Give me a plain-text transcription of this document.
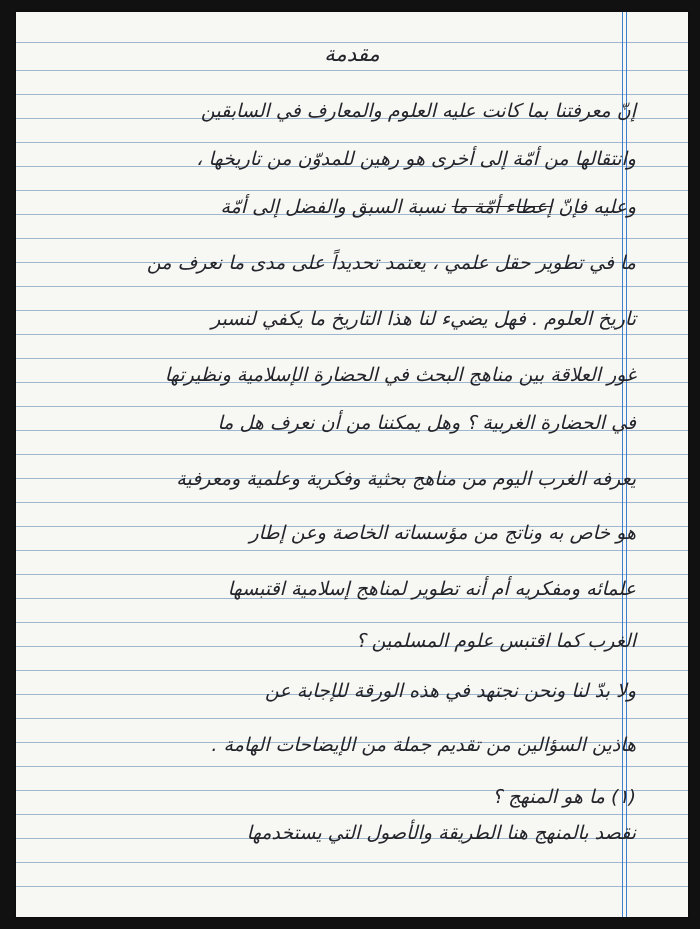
مقدمة
إنّ معرفتنا بما كانت عليه العلوم والمعارف في السابقين
وانتقالها من أمّة إلى أخرى هو رهين للمدوّن من تاريخها ،
وعليه فإنّ إعطاء أمّة ما نسبة السبق والفضل إلى أمّة
ما في تطوير حقل علمي ، يعتمد تحديداً على مدى ما نعرف من
تاريخ العلوم . فهل يضيء لنا هذا التاريخ ما يكفي لنسبر
غور العلاقة بين مناهج البحث في الحضارة الإسلامية ونظيرتها
في الحضارة الغربية ؟ وهل يمكننا من أن نعرف هل ما
يعرفه الغرب اليوم من مناهج بحثية وفكرية وعلمية ومعرفية
هو خاص به وناتج من مؤسساته الخاصة وعن إطار
علمائه ومفكريه أم أنه تطوير لمناهج إسلامية اقتبسها
الغرب كما اقتبس علوم المسلمين ؟
ولا بدّ لنا ونحن نجتهد في هذه الورقة للإجابة عن
هاذين السؤالين من تقديم جملة من الإيضاحات الهامة .
(١) ما هو المنهج ؟
نقصد بالمنهج هنا الطريقة والأصول التي يستخدمها
